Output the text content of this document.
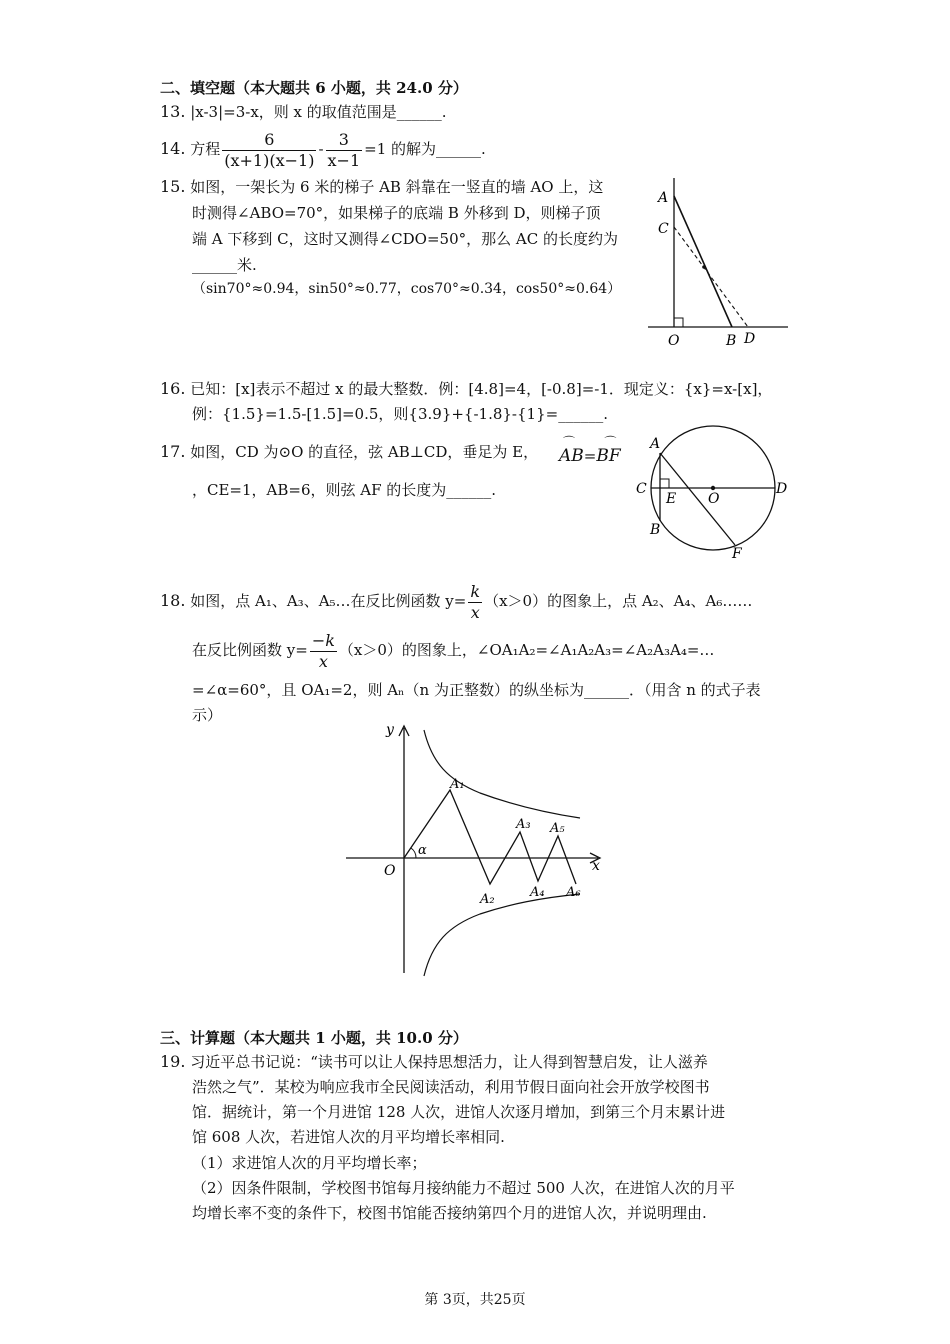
二、填空题（本大题共 6 小题，共 24.0 分）
13. |x-3|=3-x，则 x 的取值范围是______.
14. 方程 $\frac{6}{(x+1)(x-1)} - \frac{3}{x-1} =1$ 的解为______.
15. 如图，一架长为 6 米的梯子 AB 斜靠在一竖直的墙 AO 上，这
时测得∠ABO=70°，如果梯子的底端 B 外移到 D，则梯子顶
端 A 下移到 C，这时又测得∠CDO=50°，那么 AC 的长度约为
______米.
（sin70°≈0.94，sin50°≈0.77，cos70°≈0.34，cos50°≈0.64）
A
C
O	B D
16. 已知：[x]表示不超过 x 的最大整数．例：[4.8]=4，[-0.8]=-1．现定义：{x}=x-[x]，
例：{1.5}=1.5-[1.5]=0.5，则{3.9}+{-1.8}-{1}=______.
17. 如图，CD 为⊙O 的直径，弦 AB⊥CD，垂足为 E，
⌒ AB=⌒ BF
，CE=1，AB=6，则弦 AF 的长度为______.
A
C
E O
D
B
F
18. 如图，点 A₁、A₃、A₅…在反比例函数 $y= \frac{k}{x} (x>0)$的图象上，点 A₂、A₄、A₆……
在反比例函数 $y= \frac{-k}{x} (x>0)$的图象上，∠OA₁A₂=∠A₁A₂A₃=∠A₂A₃A₄=…
=∠α=60°，且 OA₁=2，则 Aₙ（n 为正整数）的纵坐标为______．（用含 n 的式子表
示）
y
x
O
α
A₁
A₂
A₃
A₄
A₅
A₆
三、计算题（本大题共 1 小题，共 10.0 分）
19. 习近平总书记说：“读书可以让人保持思想活力，让人得到智慧启发，让人滋养
浩然之气”．某校为响应我市全民阅读活动，利用节假日面向社会开放学校图书
馆．据统计，第一个月进馆 128 人次，进馆人次逐月增加，到第三个月末累计进
馆 608 人次，若进馆人次的月平均增长率相同.
（1）求进馆人次的月平均增长率；
（2）因条件限制，学校图书馆每月接纳能力不超过 500 人次，在进馆人次的月平
均增长率不变的条件下，校图书馆能否接纳第四个月的进馆人次，并说明理由.
第 3页，共25页
